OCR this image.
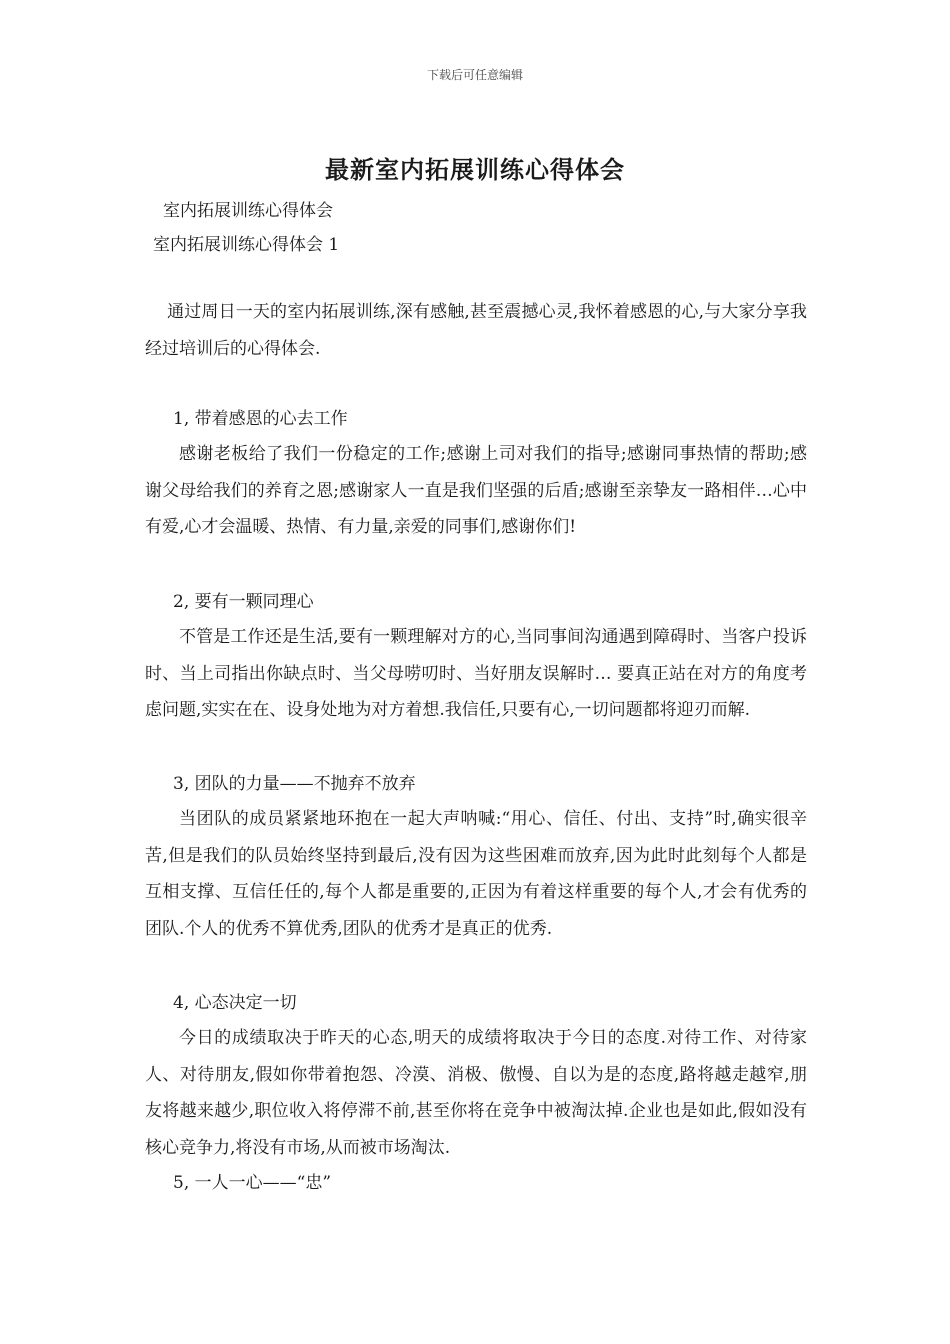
下载后可任意编辑
最新室内拓展训练心得体会
室内拓展训练心得体会
室内拓展训练心得体会 1
通过周日一天的室内拓展训练,深有感触,甚至震撼心灵,我怀着感恩的心,与大家分享我经过培训后的心得体会.
1, 带着感恩的心去工作
感谢老板给了我们一份稳定的工作;感谢上司对我们的指导;感谢同事热情的帮助;感谢父母给我们的养育之恩;感谢家人一直是我们坚强的后盾;感谢至亲挚友一路相伴…心中有爱,心才会温暖、热情、有力量,亲爱的同事们,感谢你们!
2, 要有一颗同理心
不管是工作还是生活,要有一颗理解对方的心,当同事间沟通遇到障碍时、当客户投诉时、当上司指出你缺点时、当父母唠叨时、当好朋友误解时… 要真正站在对方的角度考虑问题,实实在在、设身处地为对方着想.我信任,只要有心,一切问题都将迎刃而解.
3, 团队的力量——不抛弃不放弃
当团队的成员紧紧地环抱在一起大声呐喊:“用心、信任、付出、支持”时,确实很辛苦,但是我们的队员始终坚持到最后,没有因为这些困难而放弃,因为此时此刻每个人都是互相支撑、互信任任的,每个人都是重要的,正因为有着这样重要的每个人,才会有优秀的团队.个人的优秀不算优秀,团队的优秀才是真正的优秀.
4, 心态决定一切
今日的成绩取决于昨天的心态,明天的成绩将取决于今日的态度.对待工作、对待家人、对待朋友,假如你带着抱怨、冷漠、消极、傲慢、自以为是的态度,路将越走越窄,朋友将越来越少,职位收入将停滞不前,甚至你将在竞争中被淘汰掉.企业也是如此,假如没有核心竞争力,将没有市场,从而被市场淘汰.
5, 一人一心——“忠”
